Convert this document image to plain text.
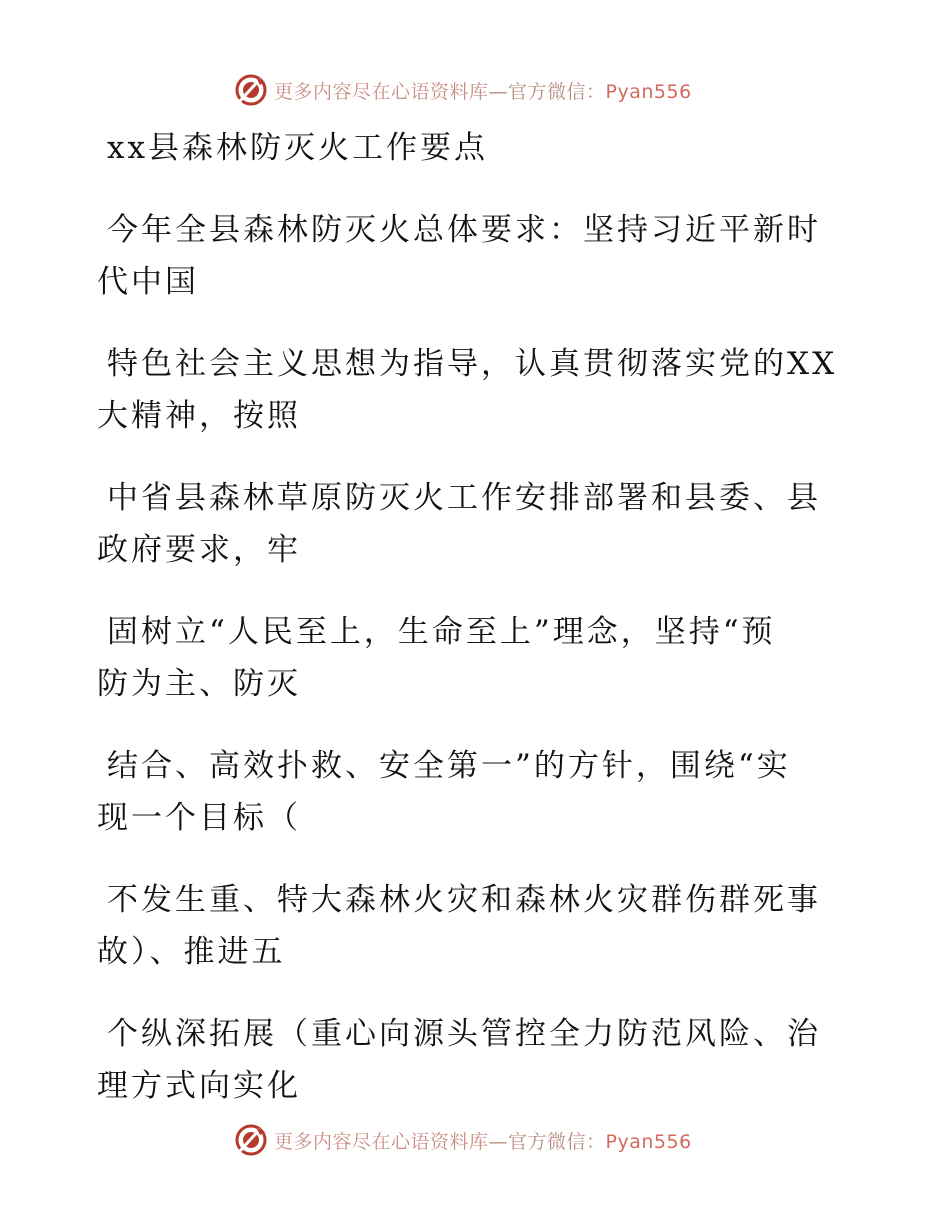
更多内容尽在心语资料库—官方微信：Pyan556
xx县森林防灭火工作要点
今年全县森林防灭火总体要求：坚持习近平新时
代中国
特色社会主义思想为指导，认真贯彻落实党的XX
大精神，按照
中省县森林草原防灭火工作安排部署和县委、县
政府要求，牢
固树立“人民至上，生命至上”理念，坚持“预
防为主、防灭
结合、高效扑救、安全第一”的方针，围绕“实
现一个目标（
不发生重、特大森林火灾和森林火灾群伤群死事
故）、推进五
个纵深拓展（重心向源头管控全力防范风险、治
理方式向实化
更多内容尽在心语资料库—官方微信：Pyan556
